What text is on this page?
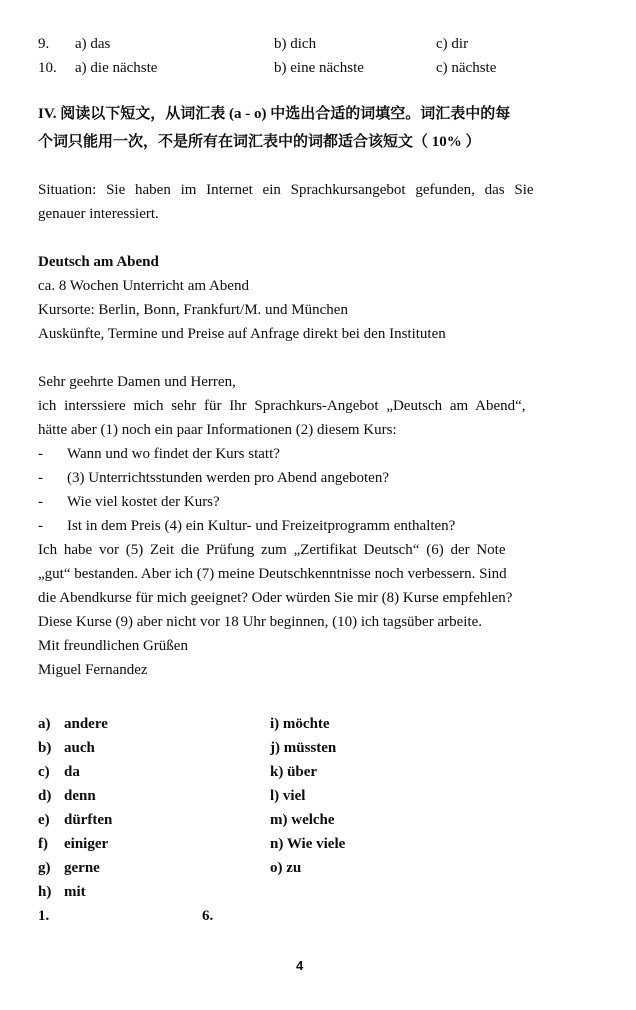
9. a) das	b) dich	c) dir
10. a) die nächste	b) eine nächste	c) nächste
IV. 阅读以下短文，从词汇表 (a - o) 中选出合适的词填空。词汇表中的每
个词只能用一次，不是所有在词汇表中的词都适合该短文（ 10% ）
Situation: Sie haben im Internet ein Sprachkursangebot gefunden, das Sie
genauer interessiert.
Deutsch am Abend
ca. 8 Wochen Unterricht am Abend
Kursorte: Berlin, Bonn, Frankfurt/M. und München
Auskünfte, Termine und Preise auf Anfrage direkt bei den Instituten
Sehr geehrte Damen und Herren,
ich interssiere mich sehr für Ihr Sprachkurs-Angebot „Deutsch am Abend“,
hätte aber (1) noch ein paar Informationen (2) diesem Kurs:
- Wann und wo findet der Kurs statt?
- (3) Unterrichtsstunden werden pro Abend angeboten?
- Wie viel kostet der Kurs?
- Ist in dem Preis (4) ein Kultur- und Freizeitprogramm enthalten?
Ich habe vor (5) Zeit die Prüfung zum „Zertifikat Deutsch“ (6) der Note
„gut“ bestanden. Aber ich (7) meine Deutschkenntnisse noch verbessern. Sind
die Abendkurse für mich geeignet? Oder würden Sie mir (8) Kurse empfehlen?
Diese Kurse (9) aber nicht vor 18 Uhr beginnen, (10) ich tagsüber arbeite.
Mit freundlichen Grüßen
Miguel Fernandez
a) andere
b) auch
c) da
d) denn
e) dürften
f) einiger
g) gerne
h) mit
i) möchte
j) müssten
k) über
l) viel
m) welche
n) Wie viele
o) zu
1.	6.
4
